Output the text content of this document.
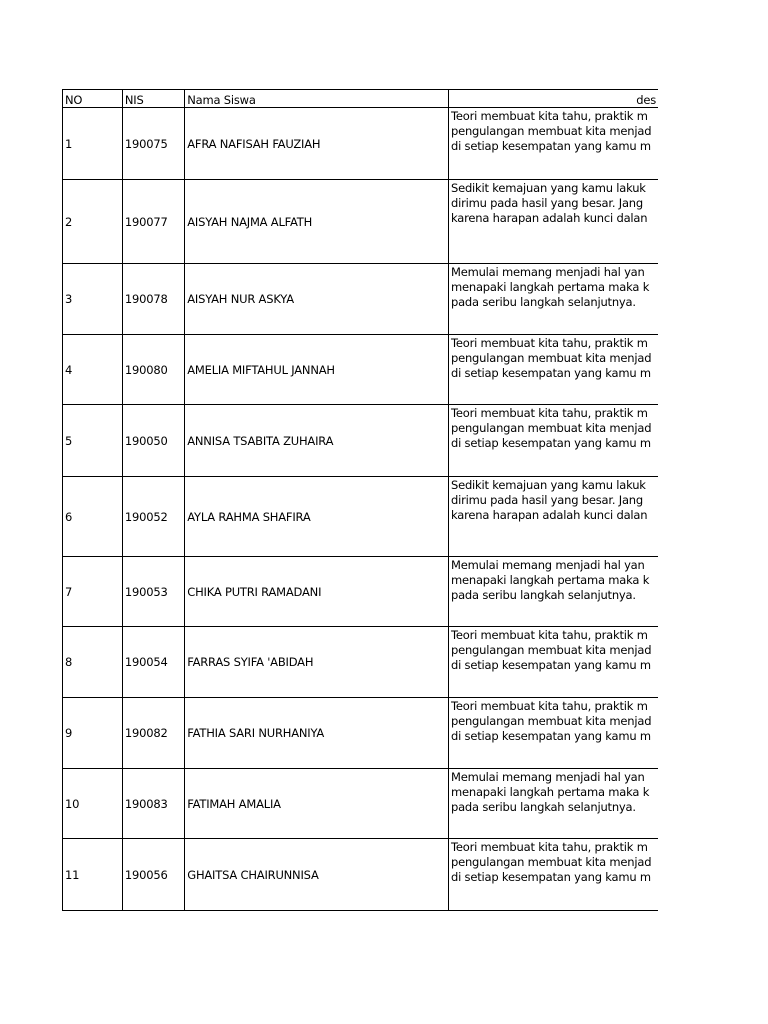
NO	NIS	Nama Siswa	des
1	190075	AFRA NAFISAH FAUZIAH	Teori membuat kita tahu, praktik m
pengulangan membuat kita menjad
di setiap kesempatan yang kamu m

2	190077	AISYAH NAJMA ALFATH	Sedikit kemajuan yang kamu lakuk
dirimu pada hasil yang besar. Jang
karena harapan adalah kunci dalan

3	190078	AISYAH NUR ASKYA	Memulai memang menjadi hal yan
menapaki langkah pertama maka k
pada seribu langkah selanjutnya.

4	190080	AMELIA MIFTAHUL JANNAH	Teori membuat kita tahu, praktik m
pengulangan membuat kita menjad
di setiap kesempatan yang kamu m

5	190050	ANNISA TSABITA ZUHAIRA	Teori membuat kita tahu, praktik m
pengulangan membuat kita menjad
di setiap kesempatan yang kamu m

6	190052	AYLA RAHMA SHAFIRA	Sedikit kemajuan yang kamu lakuk
dirimu pada hasil yang besar. Jang
karena harapan adalah kunci dalan

7	190053	CHIKA PUTRI RAMADANI	Memulai memang menjadi hal yan
menapaki langkah pertama maka k
pada seribu langkah selanjutnya.

8	190054	FARRAS SYIFA 'ABIDAH	Teori membuat kita tahu, praktik m
pengulangan membuat kita menjad
di setiap kesempatan yang kamu m

9	190082	FATHIA SARI NURHANIYA	Teori membuat kita tahu, praktik m
pengulangan membuat kita menjad
di setiap kesempatan yang kamu m

10	190083	FATIMAH AMALIA	Memulai memang menjadi hal yan
menapaki langkah pertama maka k
pada seribu langkah selanjutnya.

11	190056	GHAITSA CHAIRUNNISA	Teori membuat kita tahu, praktik m
pengulangan membuat kita menjad
di setiap kesempatan yang kamu m
